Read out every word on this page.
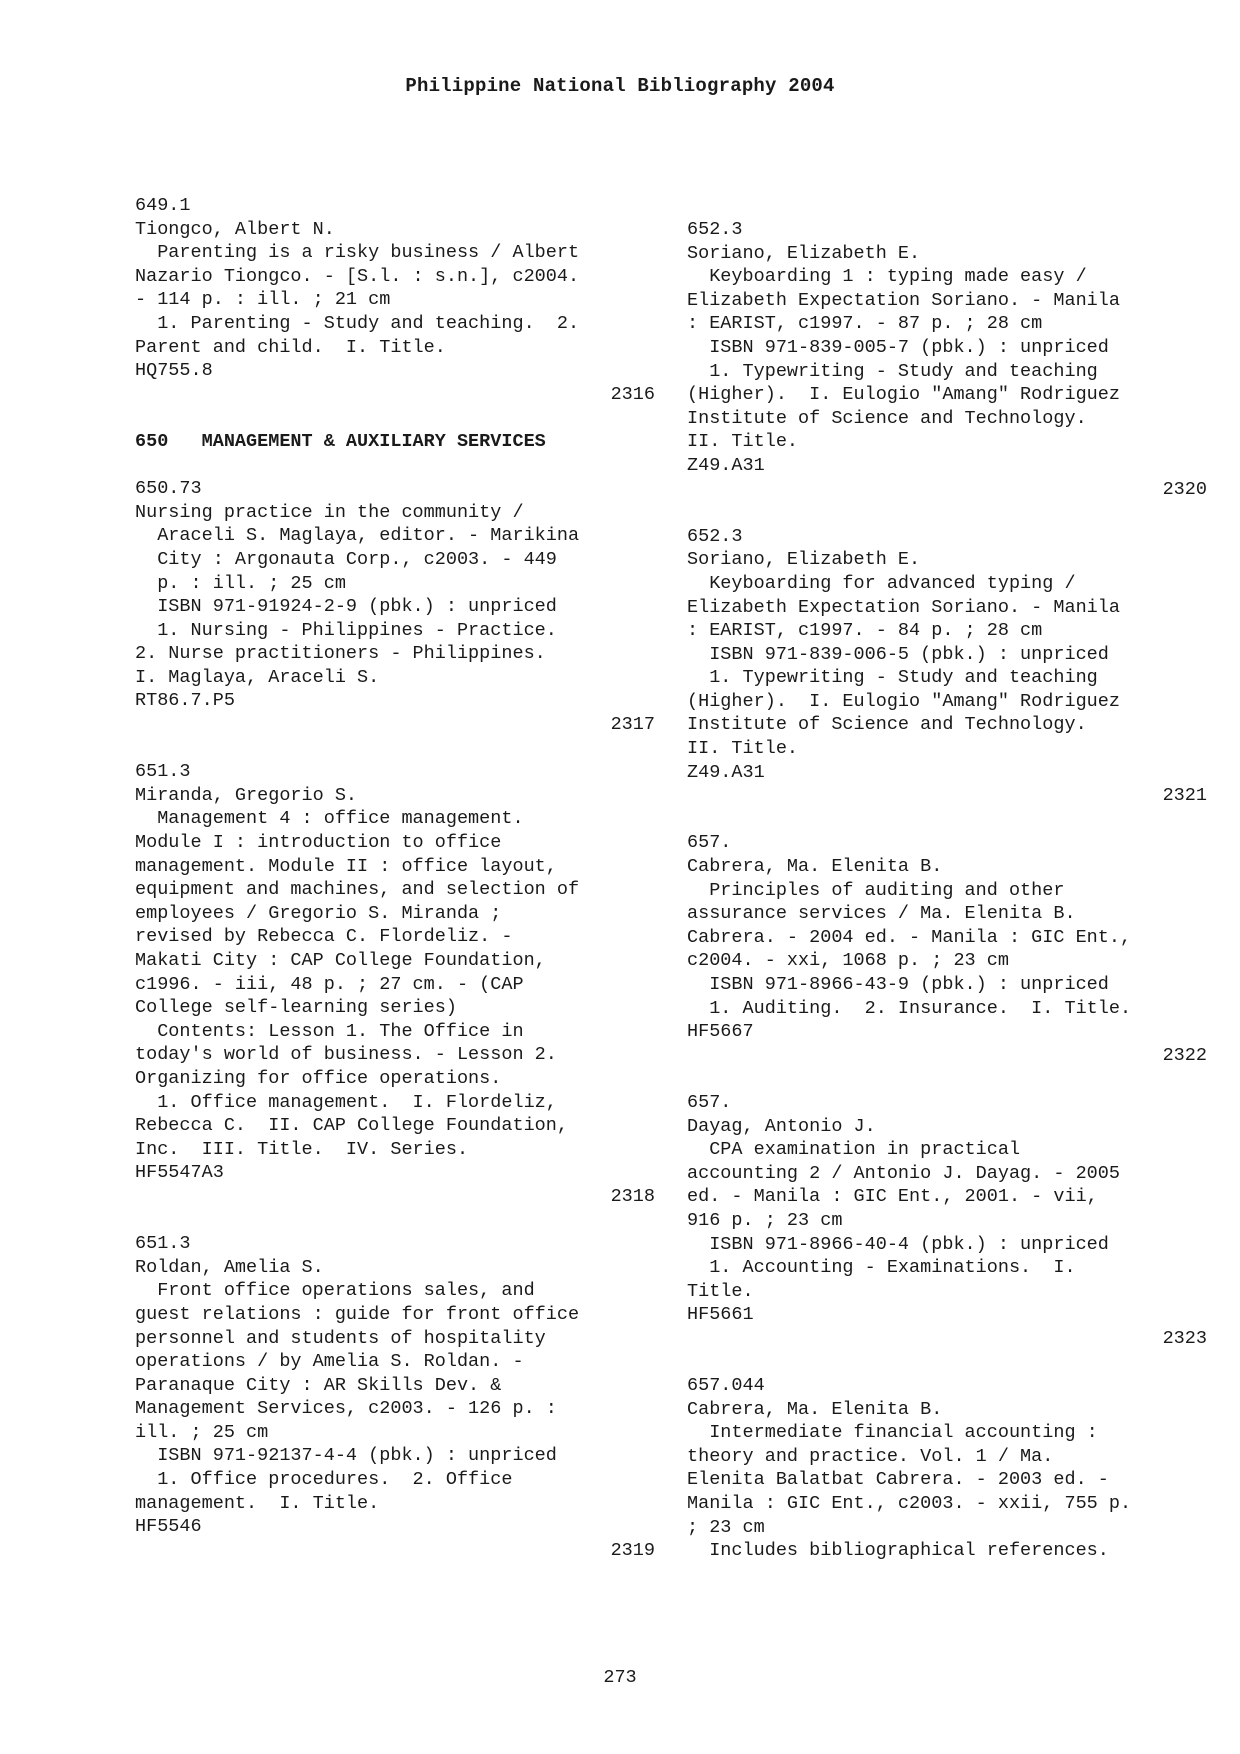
Philippine National Bibliography 2004
649.1
Tiongco, Albert N.
Parenting is a risky business / Albert
Nazario Tiongco. - [S.l. : s.n.], c2004.
- 114 p. : ill. ; 21 cm
1. Parenting - Study and teaching.  2.
Parent and child.  I. Title.
HQ755.8
2316
650   MANAGEMENT & AUXILIARY SERVICES
650.73
Nursing practice in the community /
Araceli S. Maglaya, editor. - Marikina
City : Argonauta Corp., c2003. - 449
p. : ill. ; 25 cm
ISBN 971-91924-2-9 (pbk.) : unpriced
1. Nursing - Philippines - Practice.
2. Nurse practitioners - Philippines.
I. Maglaya, Araceli S.
RT86.7.P5
2317
651.3
Miranda, Gregorio S.
Management 4 : office management.
Module I : introduction to office
management. Module II : office layout,
equipment and machines, and selection of
employees / Gregorio S. Miranda ;
revised by Rebecca C. Flordeliz. -
Makati City : CAP College Foundation,
c1996. - iii, 48 p. ; 27 cm. - (CAP
College self-learning series)
Contents: Lesson 1. The Office in
today's world of business. - Lesson 2.
Organizing for office operations.
1. Office management.  I. Flordeliz,
Rebecca C.  II. CAP College Foundation,
Inc.  III. Title.  IV. Series.
HF5547A3
2318
651.3
Roldan, Amelia S.
Front office operations sales, and
guest relations : guide for front office
personnel and students of hospitality
operations / by Amelia S. Roldan. -
Paranaque City : AR Skills Dev. &
Management Services, c2003. - 126 p. :
ill. ; 25 cm
ISBN 971-92137-4-4 (pbk.) : unpriced
1. Office procedures.  2. Office
management.  I. Title.
HF5546
2319
652.3
Soriano, Elizabeth E.
Keyboarding 1 : typing made easy /
Elizabeth Expectation Soriano. - Manila
: EARIST, c1997. - 87 p. ; 28 cm
ISBN 971-839-005-7 (pbk.) : unpriced
1. Typewriting - Study and teaching
(Higher).  I. Eulogio "Amang" Rodriguez
Institute of Science and Technology.
II. Title.
Z49.A31
2320
652.3
Soriano, Elizabeth E.
Keyboarding for advanced typing /
Elizabeth Expectation Soriano. - Manila
: EARIST, c1997. - 84 p. ; 28 cm
ISBN 971-839-006-5 (pbk.) : unpriced
1. Typewriting - Study and teaching
(Higher).  I. Eulogio "Amang" Rodriguez
Institute of Science and Technology.
II. Title.
Z49.A31
2321
657.
Cabrera, Ma. Elenita B.
Principles of auditing and other
assurance services / Ma. Elenita B.
Cabrera. - 2004 ed. - Manila : GIC Ent.,
c2004. - xxi, 1068 p. ; 23 cm
ISBN 971-8966-43-9 (pbk.) : unpriced
1. Auditing.  2. Insurance.  I. Title.
HF5667
2322
657.
Dayag, Antonio J.
CPA examination in practical
accounting 2 / Antonio J. Dayag. - 2005
ed. - Manila : GIC Ent., 2001. - vii,
916 p. ; 23 cm
ISBN 971-8966-40-4 (pbk.) : unpriced
1. Accounting - Examinations.  I.
Title.
HF5661
2323
657.044
Cabrera, Ma. Elenita B.
Intermediate financial accounting :
theory and practice. Vol. 1 / Ma.
Elenita Balatbat Cabrera. - 2003 ed. -
Manila : GIC Ent., c2003. - xxii, 755 p.
; 23 cm
Includes bibliographical references.
273
